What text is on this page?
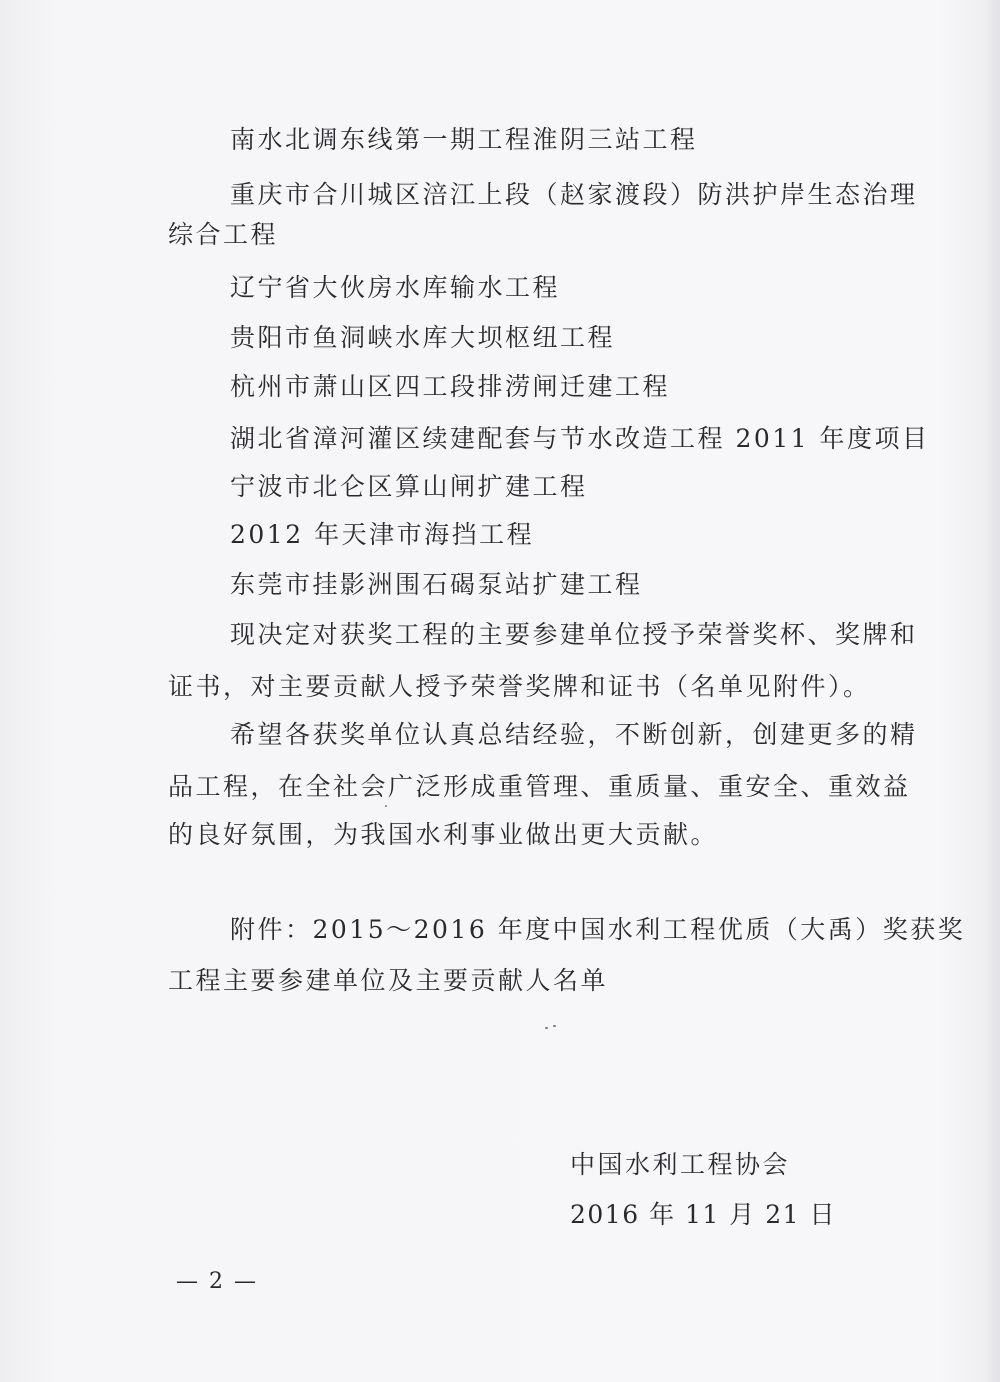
南水北调东线第一期工程淮阴三站工程
重庆市合川城区涪江上段（赵家渡段）防洪护岸生态治理
综合工程
辽宁省大伙房水库输水工程
贵阳市鱼洞峡水库大坝枢纽工程
杭州市萧山区四工段排涝闸迁建工程
湖北省漳河灌区续建配套与节水改造工程 2011 年度项目
宁波市北仑区算山闸扩建工程
2012 年天津市海挡工程
东莞市挂影洲围石碣泵站扩建工程
现决定对获奖工程的主要参建单位授予荣誉奖杯、奖牌和
证书，对主要贡献人授予荣誉奖牌和证书（名单见附件）。
希望各获奖单位认真总结经验，不断创新，创建更多的精
品工程，在全社会广泛形成重管理、重质量、重安全、重效益
的良好氛围，为我国水利事业做出更大贡献。
附件：2015～2016 年度中国水利工程优质（大禹）奖获奖
工程主要参建单位及主要贡献人名单
中国水利工程协会
2016 年 11 月 21 日
— 2 —
